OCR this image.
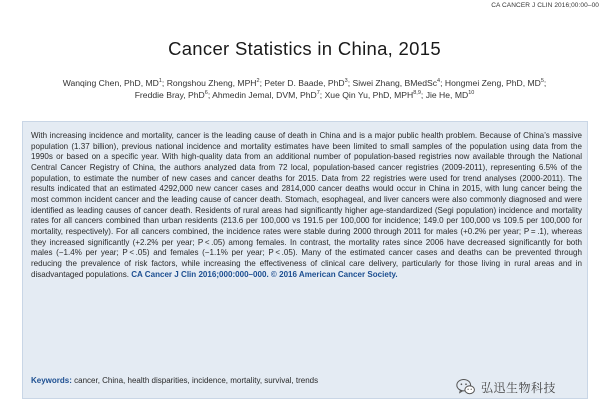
CA CANCER J CLIN 2016;00:00–00
Cancer Statistics in China, 2015
Wanqing Chen, PhD, $MD^1$; Rongshou Zheng, MPH$^2$; Peter D. Baade, PhD$^3$; Siwei Zhang, BMedSc$^4$; Hongmei Zeng, PhD, $MD^5$;
Freddie Bray, PhD$^6$; Ahmedin Jemal, DVM, PhD$^7$; Xue Qin Yu, PhD, MPH$^{8,9}$; Jie He, MD$^{10}$

With increasing incidence and mortality, cancer is the leading cause of death in China and is a major public health problem. Because of China’s massive population (1.37 billion), previous national incidence and mortality estimates have been limited to small samples of the population using data from the 1990s or based on a specific year. With high-quality data from an additional number of population-based registries now available through the National Central Cancer Registry of China, the authors analyzed data from 72 local, population-based cancer registries (2009-2011), representing 6.5% of the population, to estimate the number of new cases and cancer deaths for 2015. Data from 22 registries were used for trend analyses (2000-2011). The results indicated that an estimated 4292,000 new cancer cases and 2814,000 cancer deaths would occur in China in 2015, with lung cancer being the most common incident cancer and the leading cause of cancer death. Stomach, esophageal, and liver cancers were also commonly diagnosed and were identified as leading causes of cancer death. Residents of rural areas had significantly higher age-standardized (Segi population) incidence and mortality rates for all cancers combined than urban residents (213.6 per 100,000 vs 191.5 per 100,000 for incidence; 149.0 per 100,000 vs 109.5 per 100,000 for mortality, respectively). For all cancers combined, the incidence rates were stable during 2000 through 2011 for males (+0.2% per year; P = .1), whereas they increased significantly (+2.2% per year; P < .05) among females. In contrast, the mortality rates since 2006 have decreased significantly for both males (−1.4% per year; P < .05) and females (−1.1% per year; P < .05). Many of the estimated cancer cases and deaths can be prevented through reducing the prevalence of risk factors, while increasing the effectiveness of clinical care delivery, particularly for those living in rural areas and in disadvantaged populations. CA Cancer J Clin 2016;000:000–000. © 2016 American Cancer Society.

Keywords: cancer, China, health disparities, incidence, mortality, survival, trends	弘迅生物科技
